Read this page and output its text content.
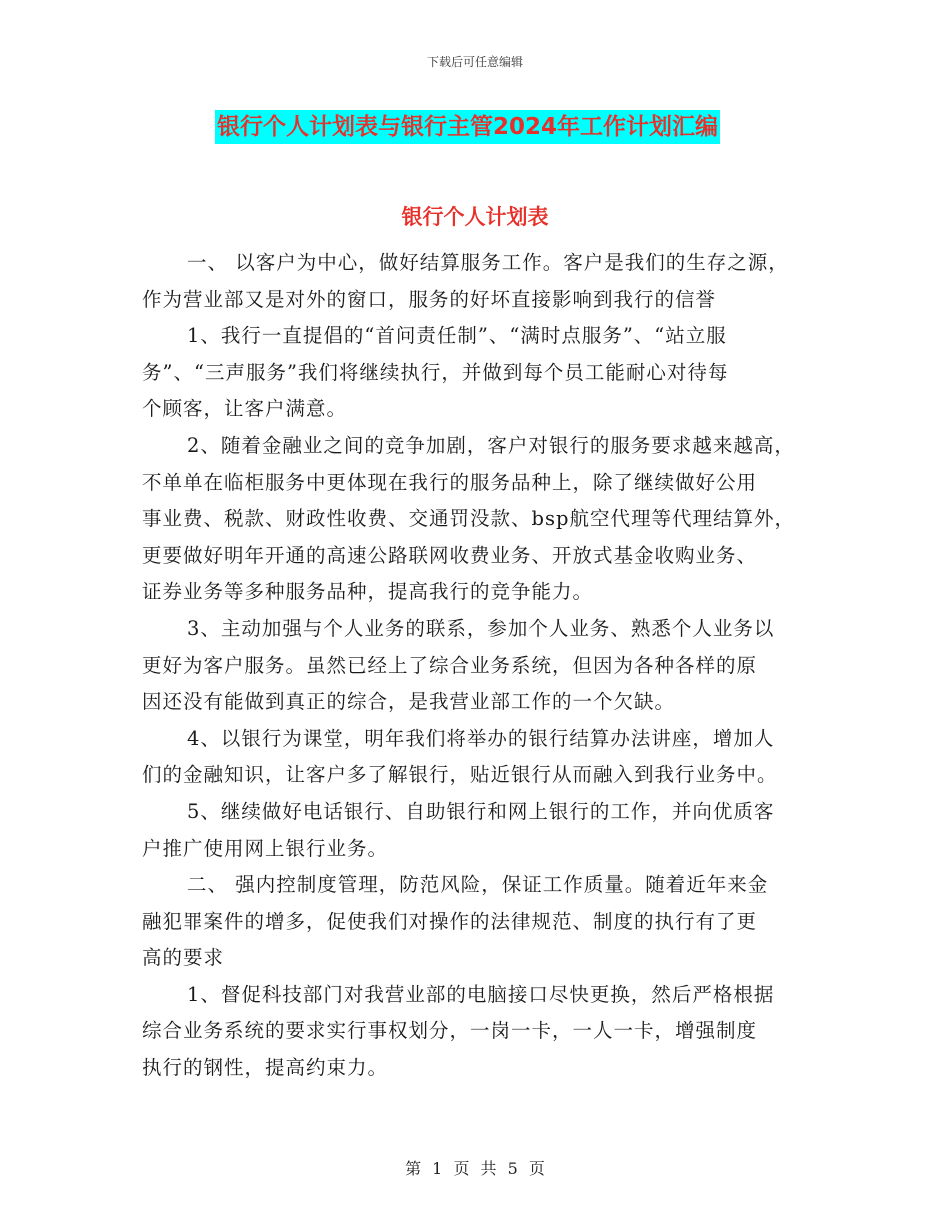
下载后可任意编辑
银行个人计划表与银行主管2024年工作计划汇编
银行个人计划表
一、 以客户为中心，做好结算服务工作。客户是我们的生存之源，
作为营业部又是对外的窗口，服务的好坏直接影响到我行的信誉
1、我行一直提倡的“首问责任制”、“满时点服务”、“站立服
务”、“三声服务”我们将继续执行，并做到每个员工能耐心对待每
个顾客，让客户满意。
2、随着金融业之间的竞争加剧，客户对银行的服务要求越来越高，
不单单在临柜服务中更体现在我行的服务品种上，除了继续做好公用
事业费、税款、财政性收费、交通罚没款、bsp航空代理等代理结算外，
更要做好明年开通的高速公路联网收费业务、开放式基金收购业务、
证券业务等多种服务品种，提高我行的竞争能力。
3、主动加强与个人业务的联系，参加个人业务、熟悉个人业务以
更好为客户服务。虽然已经上了综合业务系统，但因为各种各样的原
因还没有能做到真正的综合，是我营业部工作的一个欠缺。
4、以银行为课堂，明年我们将举办的银行结算办法讲座，增加人
们的金融知识，让客户多了解银行，贴近银行从而融入到我行业务中。
5、继续做好电话银行、自助银行和网上银行的工作，并向优质客
户推广使用网上银行业务。
二、 强内控制度管理，防范风险，保证工作质量。随着近年来金
融犯罪案件的增多，促使我们对操作的法律规范、制度的执行有了更
高的要求
1、督促科技部门对我营业部的电脑接口尽快更换，然后严格根据
综合业务系统的要求实行事权划分，一岗一卡，一人一卡，增强制度
执行的钢性，提高约束力。
第 1 页 共 5 页
